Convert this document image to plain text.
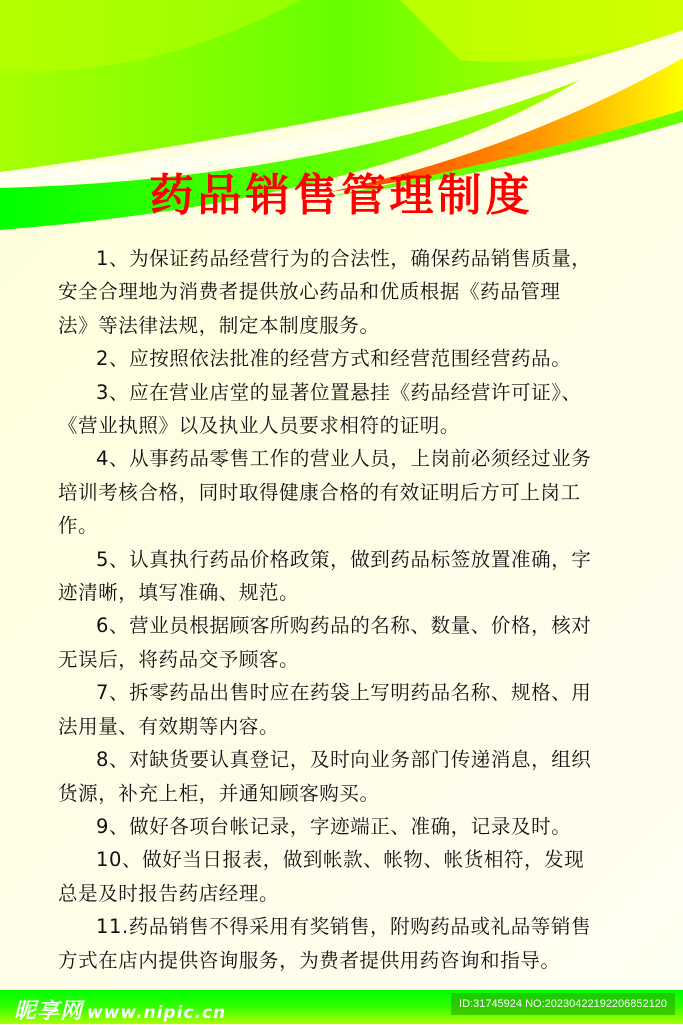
药品销售管理制度
1、为保证药品经营行为的合法性，确保药品销售质量，
安全合理地为消费者提供放心药品和优质根据《药品管理
法》等法律法规，制定本制度服务。
2、应按照依法批准的经营方式和经营范围经营药品。
3、应在营业店堂的显著位置悬挂《药品经营许可证》、
《营业执照》以及执业人员要求相符的证明。
4、从事药品零售工作的营业人员，上岗前必须经过业务
培训考核合格，同时取得健康合格的有效证明后方可上岗工
作。
5、认真执行药品价格政策，做到药品标签放置准确，字
迹清晰，填写准确、规范。
6、营业员根据顾客所购药品的名称、数量、价格，核对
无误后，将药品交予顾客。
7、拆零药品出售时应在药袋上写明药品名称、规格、用
法用量、有效期等内容。
8、对缺货要认真登记，及时向业务部门传递消息，组织
货源，补充上柜，并通知顾客购买。
9、做好各项台帐记录，字迹端正、准确，记录及时。
10、做好当日报表，做到帐款、帐物、帐货相符，发现
总是及时报告药店经理。
11.药品销售不得采用有奖销售，附购药品或礼品等销售
方式在店内提供咨询服务，为费者提供用药咨询和指导。
昵享网 www.nipic.cn	ID:31745924 NO:20230422192206852120
